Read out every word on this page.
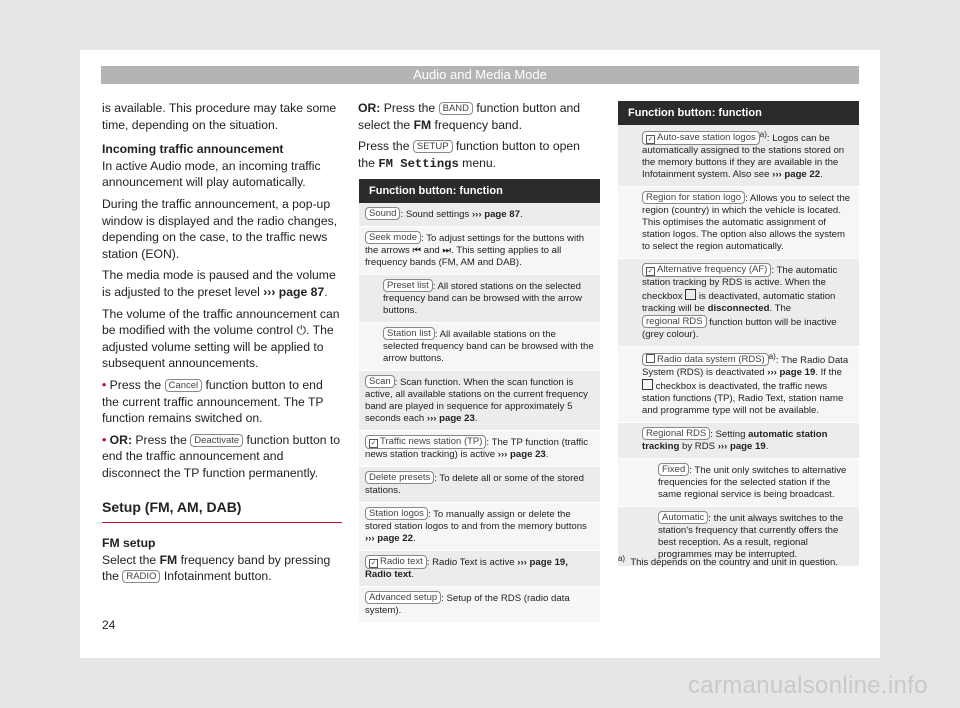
Audio and Media Mode

is available. This procedure may take some time, depending on the situation.

Incoming traffic announcement

In active Audio mode, an incoming traffic announcement will play automatically.

During the traffic announcement, a pop-up window is displayed and the radio changes, depending on the case, to the traffic news station (EON).

The media mode is paused and the volume is adjusted to the preset level ››› page 87.

The volume of the traffic announcement can be modified with the volume control ⏻. The adjusted volume setting will be applied to subsequent announcements.

• Press the Cancel function button to end the current traffic announcement. The TP function remains switched on.

• OR: Press the Deactivate function button to end the traffic announcement and disconnect the TP function permanently.

Setup (FM, AM, DAB)
FM setup

Select the FM frequency band by pressing the RADIO Infotainment button.

OR: Press the BAND function button and select the FM frequency band.

Press the SETUP function button to open the FM Settings menu.

Function button: function
Sound : Sound settings ››› page 87.
Seek mode : To adjust settings for the buttons with the arrows ⏮ and ⏭. This setting applies to all frequency bands (FM, AM and DAB).
Preset list : All stored stations on the selected frequency band can be browsed with the arrow buttons.
Station list : All available stations on the selected frequency band can be browsed with the arrow buttons.
Scan : Scan function. When the scan function is active, all available stations on the current frequency band are played in sequence for approximately 5 seconds each ››› page 23.
✓ Traffic news station (TP) : The TP function (traffic news station tracking) is active ››› page 23.
Delete presets : To delete all or some of the stored stations.
Station logos : To manually assign or delete the stored station logos to and from the memory buttons ››› page 22.
✓ Radio text : Radio Text is active ››› page 19, Radio text.
Advanced setup : Setup of the RDS (radio data system).
Function button: function
✓ Auto-save station logos $^{a)}$: Logos can be automatically assigned to the stations stored on the memory buttons if they are available in the Infotainment system. Also see ››› page 22.
Region for station logo : Allows you to select the region (country) in which the vehicle is located. This optimises the automatic assignment of station logos. The option also allows the system to select the region automatically.
✓ Alternative frequency (AF) : The automatic station tracking by RDS is active. When the checkbox  is deactivated, automatic station tracking will be disconnected. The regional RDS function button will be inactive (grey colour).
Radio data system (RDS) $^{a)}$: The Radio Data System (RDS) is deactivated ››› page 19. If the  checkbox is deactivated, the traffic news station functions (TP), Radio Text, station name and programme type will not be available.
Regional RDS : Setting automatic station tracking by RDS ››› page 19.
Fixed : The unit only switches to alternative frequencies for the selected station if the same regional service is being broadcast.
Automatic : the unit always switches to the station's frequency that currently offers the best reception. As a result, regional programmes may be interrupted.
$^{a)}$ This depends on the country and unit in question.
24
carmanualsonline.info
